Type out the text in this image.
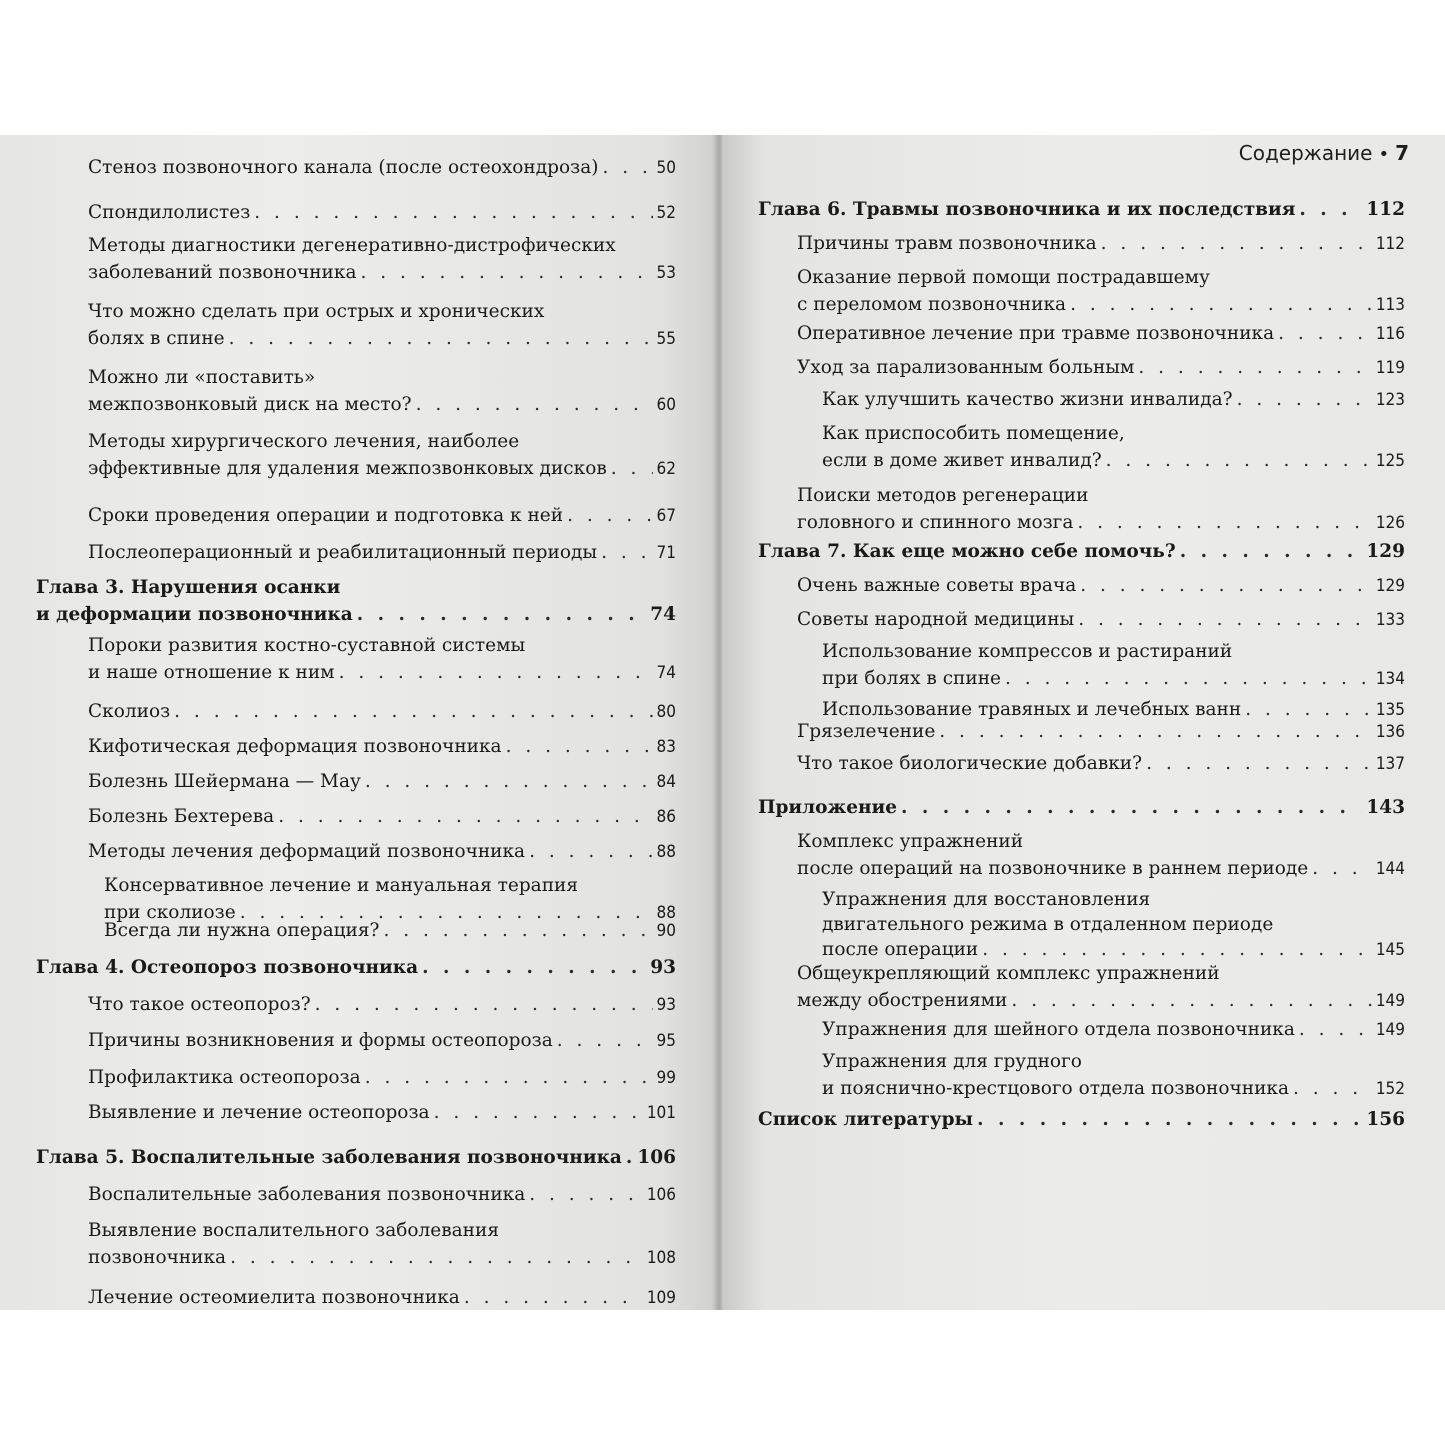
Стеноз позвоночного канала (после остеохондроза) . . .	50
Спондилолистез . . .	52
Методы диагностики дегенеративно-дистрофических
заболеваний позвоночника . . .	53
Что можно сделать при острых и хронических
болях в спине . . .	55
Можно ли «поставить»
межпозвонковый диск на место? . . .	60
Методы хирургического лечения, наиболее
эффективные для удаления межпозвонковых дисков . . .	62
Сроки проведения операции и подготовка к ней . . .	67
Послеоперационный и реабилитационный периоды . . .	71
Глава 3. Нарушения осанки
и деформации позвоночника . . .	74
Пороки развития костно-суставной системы
и наше отношение к ним . . .	74
Сколиоз . . .	80
Кифотическая деформация позвоночника . . .	83
Болезнь Шейермана — Мау . . .	84
Болезнь Бехтерева . . .	86
Методы лечения деформаций позвоночника . . .	88
Консервативное лечение и мануальная терапия
при сколиозе . . .	88
Всегда ли нужна операция? . . .	90
Глава 4. Остеопороз позвоночника . . .	93
Что такое остеопороз? . . .	93
Причины возникновения и формы остеопороза . . .	95
Профилактика остеопороза . . .	99
Выявление и лечение остеопороза . . .	101
Глава 5. Воспалительные заболевания позвоночника . . . 106
Воспалительные заболевания позвоночника . . .	106
Выявление воспалительного заболевания
позвоночника . . .	108
Лечение остеомиелита позвоночника . . .	109
Содержание • 7
Глава 6. Травмы позвоночника и их последствия . . .	112
Причины травм позвоночника . . .	112
Оказание первой помощи пострадавшему
с переломом позвоночника . . .	113
Оперативное лечение при травме позвоночника . . .	116
Уход за парализованным больным . . .	119
Как улучшить качество жизни инвалида? . . .	123
Как приспособить помещение,
если в доме живет инвалид? . . .	125
Поиски методов регенерации
головного и спинного мозга . . .	126
Глава 7. Как еще можно себе помочь? . . .	129
Очень важные советы врача . . .	129
Советы народной медицины . . .	133
Использование компрессов и растираний
при болях в спине . . .	134
Использование травяных и лечебных ванн . . .	135
Грязелечение . . .	136
Что такое биологические добавки? . . .	137
Приложение . . .	143
Комплекс упражнений
после операций на позвоночнике в раннем периоде . . .	144
Упражнения для восстановления
двигательного режима в отдаленном периоде
после операции . . .	145
Общеукрепляющий комплекс упражнений
между обострениями . . .	149
Упражнения для шейного отдела позвоночника . . .	149
Упражнения для грудного
и пояснично-крестцового отдела позвоночника . . .	152
Список литературы . . .	156
